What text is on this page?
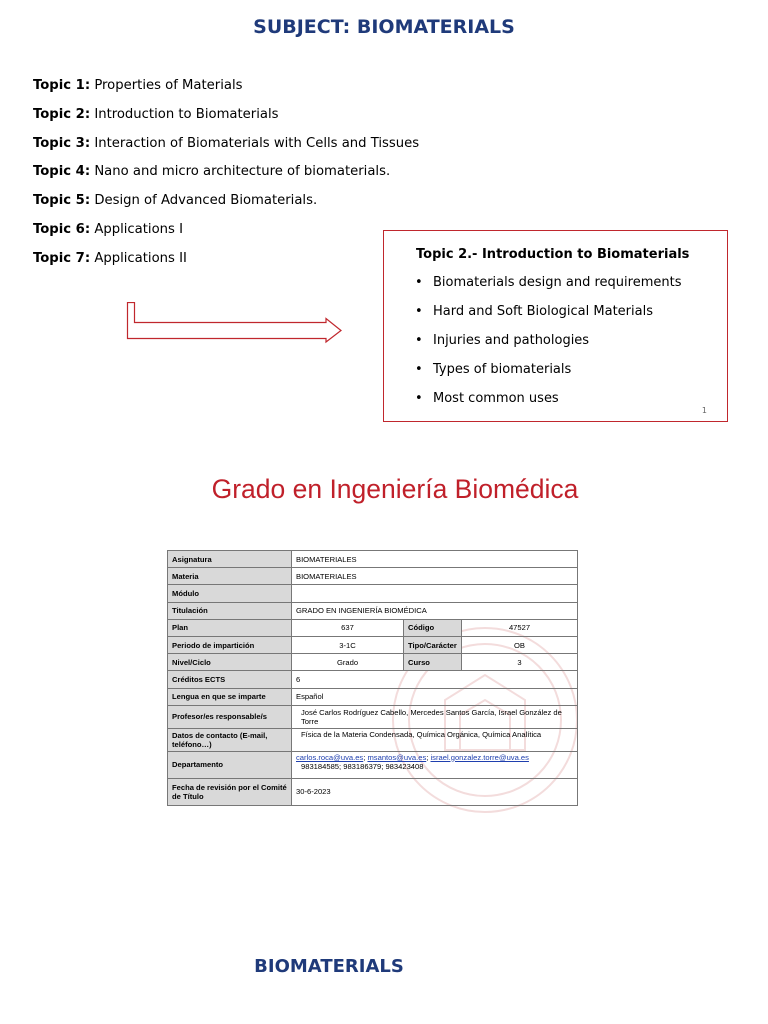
SUBJECT: BIOMATERIALS
Topic 1: Properties of Materials
Topic 2: Introduction to Biomaterials
Topic 3: Interaction of Biomaterials with Cells and Tissues
Topic 4: Nano and micro architecture of biomaterials.
Topic 5: Design of Advanced Biomaterials.
Topic 6: Applications I
Topic 7: Applications II	Topic 2.- Introduction to Biomaterials
• Biomaterials design and requirements
• Hard and Soft Biological Materials
• Injuries and pathologies
• Types of biomaterials
• Most common uses
1
Grado en Ingeniería Biomédica
Asignatura	BIOMATERIALES		
Materia	BIOMATERIALES		
Módulo			
Titulación	GRADO EN INGENIERÍA BIOMÉDICA		
Plan	637	Código	47527
Periodo de impartición	3-1C	Tipo/Carácter	OB
Nivel/Ciclo	Grado	Curso	3
Créditos ECTS	6		
Lengua en que se imparte	Español		
Profesor/es responsable/s	José Carlos Rodríguez Cabello, Mercedes Santos García, Israel González de Torre		
Datos de contacto (E-mail, teléfono…)	Física de la Materia Condensada, Química Orgánica, Química Analítica		
Departamento	carlos.roca@uva.es; msantos@uva.es; israel.gonzalez.torre@uva.es
983184585; 983186379; 983423408		
Fecha de revisión por el Comité de Título	30-6-2023		
BIOMATERIALS
